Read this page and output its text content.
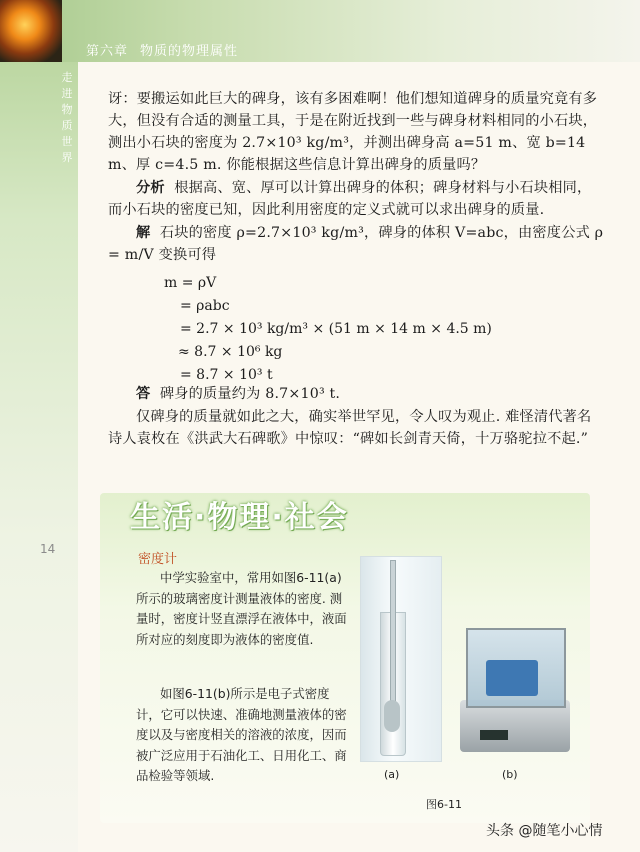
第六章 物质的物理属性
走进物质世界
14
讶：要搬运如此巨大的碑身，该有多困难啊！他们想知道碑身的质量究竟有多大，但没有合适的测量工具，于是在附近找到一些与碑身材料相同的小石块，测出小石块的密度为 2.7×10³ kg/m³，并测出碑身高 a=51 m、宽 b=14 m、厚 c=4.5 m. 你能根据这些信息计算出碑身的质量吗？
分析 根据高、宽、厚可以计算出碑身的体积；碑身材料与小石块相同，而小石块的密度已知，因此利用密度的定义式就可以求出碑身的质量.
解 石块的密度 ρ=2.7×10³ kg/m³，碑身的体积 V=abc，由密度公式 ρ = m/V 变换可得
m = ρV
= ρabc
= 2.7 × 10³ kg/m³ × (51 m × 14 m × 4.5 m)
≈ 8.7 × 10⁶ kg
= 8.7 × 10³ t
答 碑身的质量约为 8.7×10³ t.
仅碑身的质量就如此之大，确实举世罕见，令人叹为观止. 难怪清代著名诗人袁枚在《洪武大石碑歌》中惊叹：“碑如长剑青天倚，十万骆驼拉不起.”
生活·物理·社会
密度计
中学实验室中，常用如图6-11(a)所示的玻璃密度计测量液体的密度. 测量时，密度计竖直漂浮在液体中，液面所对应的刻度即为液体的密度值.
如图6-11(b)所示是电子式密度计，它可以快速、准确地测量液体的密度以及与密度相关的溶液的浓度，因而被广泛应用于石油化工、日用化工、商品检验等领域.	(a)	(b)
图6-11
头条 @随笔小心情
